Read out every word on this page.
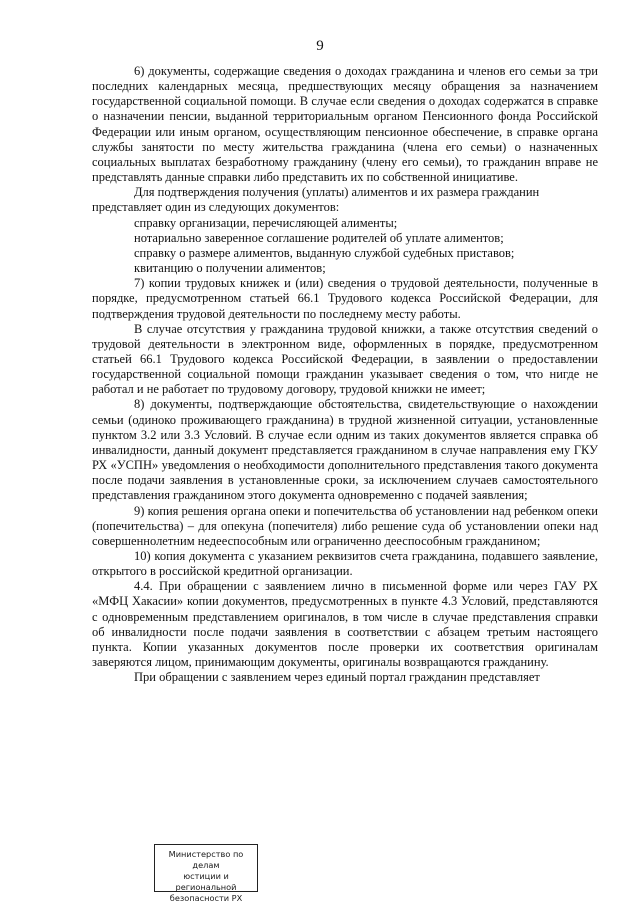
9

6) документы, содержащие сведения о доходах гражданина и членов его семьи за три последних календарных месяца, предшествующих месяцу обращения за назначением государственной социальной помощи. В случае если сведения о доходах содержатся в справке о назначении пенсии, выданной территориальным органом Пенсионного фонда Российской Федерации или иным органом, осуществляющим пенсионное обеспечение, в справке органа службы занятости по месту жительства гражданина (члена его семьи) о назначенных социальных выплатах безработному гражданину (члену его семьи), то гражданин вправе не представлять данные справки либо представить их по собственной инициативе.

Для подтверждения получения (уплаты) алиментов и их размера гражданин

представляет один из следующих документов:

справку организации, перечисляющей алименты;

нотариально заверенное соглашение родителей об уплате алиментов;

справку о размере алиментов, выданную службой судебных приставов;

квитанцию о получении алиментов;

7) копии трудовых книжек и (или) сведения о трудовой деятельности, полученные в порядке, предусмотренном статьей 66.1 Трудового кодекса Российской Федерации, для подтверждения трудовой деятельности по последнему месту работы.

В случае отсутствия у гражданина трудовой книжки, а также отсутствия сведений о трудовой деятельности в электронном виде, оформленных в порядке, предусмотренном статьей 66.1 Трудового кодекса Российской Федерации, в заявлении о предоставлении государственной социальной помощи гражданин указывает сведения о том, что нигде не работал и не работает по трудовому договору, трудовой книжки не имеет;

8) документы, подтверждающие обстоятельства, свидетельствующие о нахождении семьи (одиноко проживающего гражданина) в трудной жизненной ситуации, установленные пунктом 3.2 или 3.3 Условий. В случае если одним из таких документов является справка об инвалидности, данный документ представляется гражданином в случае направления ему ГКУ РХ «УСПН» уведомления о необходимости дополнительного представления такого документа после подачи заявления в установленные сроки, за исключением случаев самостоятельного представления гражданином этого документа одновременно с подачей заявления;

9) копия решения органа опеки и попечительства об установлении над ребенком опеки (попечительства) – для опекуна (попечителя) либо решение суда об установлении опеки над совершеннолетним недееспособным или ограниченно дееспособным гражданином;

10) копия документа с указанием реквизитов счета гражданина, подавшего заявление, открытого в российской кредитной организации.

4.4. При обращении с заявлением лично в письменной форме или через ГАУ РХ «МФЦ Хакасии» копии документов, предусмотренных в пункте 4.3 Условий, представляются с одновременным представлением оригиналов, в том числе в случае представления справки об инвалидности после подачи заявления в соответствии с абзацем третьим настоящего пункта. Копии указанных документов после проверки их соответствия оригиналам заверяются лицом, принимающим документы, оригиналы возвращаются гражданину.

При обращении с заявлением через единый портал гражданин представляет

Министерство по делам
юстиции и региональной
безопасности РХ
